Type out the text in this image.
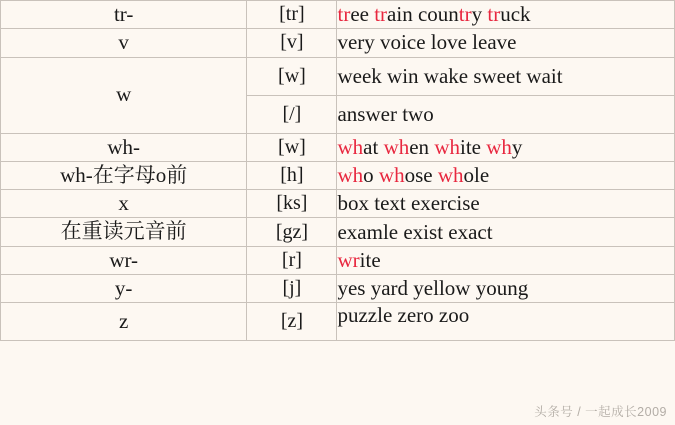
tr-	[tr]	tree train country truck
v	[v]	very voice love leave
w	[w]	week win wake sweet wait
	[/]	answer two
wh-	[w]	what when white why
wh-在字母o前	[h]	who whose whole
x	[ks]	box text exercise
在重读元音前	[gz]	examle exist exact
wr-	[r]	write
y-	[j]	yes yard yellow young
z	[z]	puzzle zero zoo
头条号 / 一起成长2009
